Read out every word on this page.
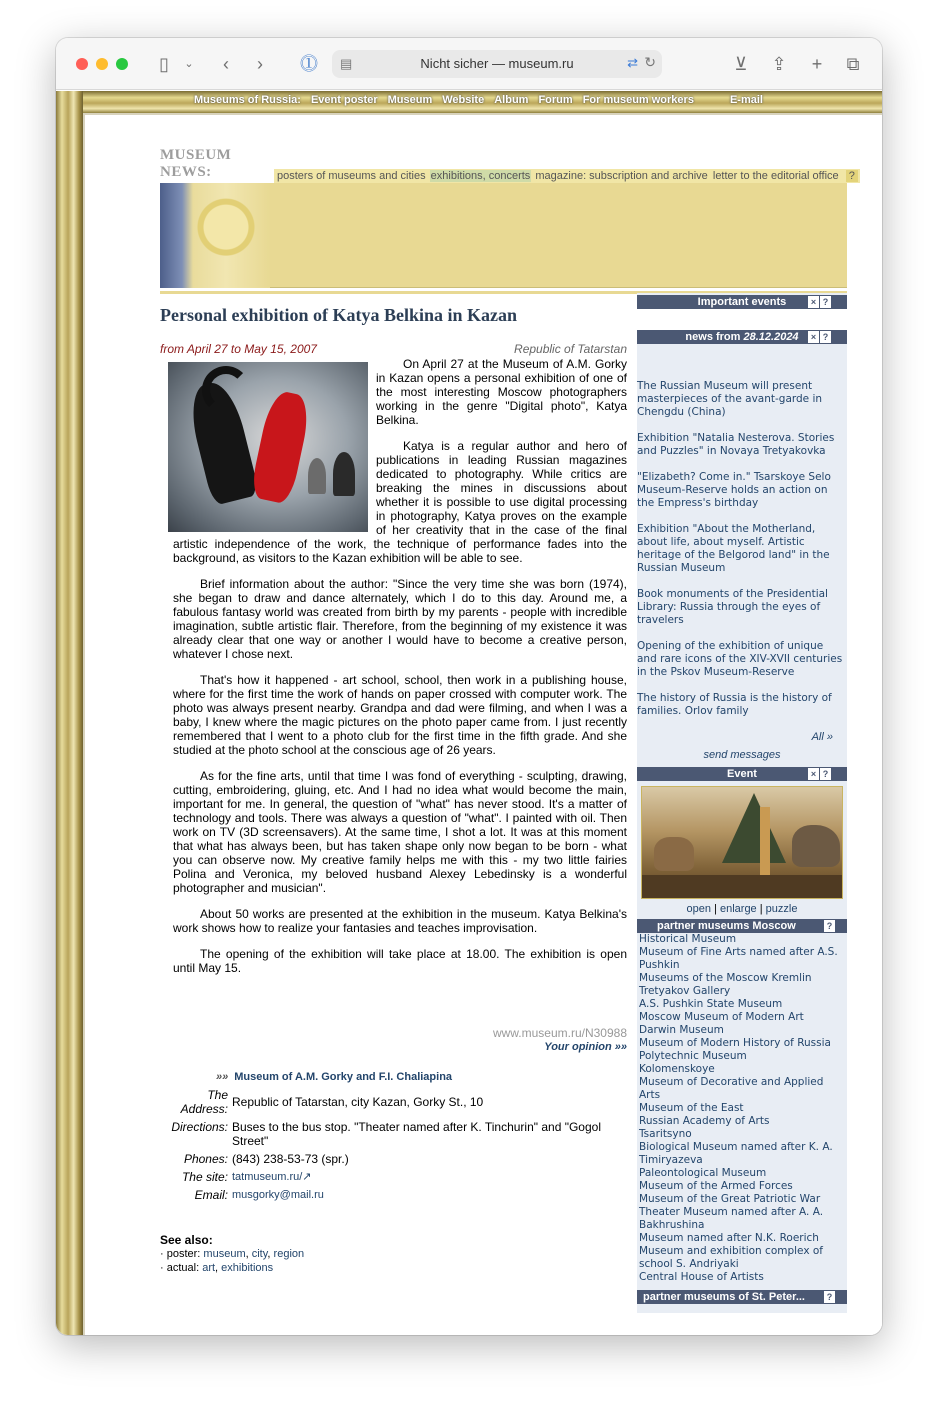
▯	⌄	‹	›	⓵ ▤	Nicht sicher — museum.ru	⇄ ↻	⊻ ⇪	+	⧉
Museums of Russia: Event poster Museum Website Album Forum For museum workers	E-mail
MUSEUM
NEWS:	posters of museums and cities exhibitions, concerts magazine: subscription and archive letter to the editorial office ?
Personal exhibition of Katya Belkina in Kazan
from April 27 to May 15, 2007	Republic of Tatarstan

On April 27 at the Museum of A.M. Gorky in Kazan opens a personal exhibition of one of the most interesting Moscow photographers working in the genre "Digital photo", Katya Belkina.

Katya is a regular author and hero of publications in leading Russian magazines dedicated to photography. While critics are breaking the mines in discussions about whether it is possible to use digital processing in photography, Katya proves on the example of her creativity that in the case of the final artistic independence of the work, the technique of performance fades into the background, as visitors to the Kazan exhibition will be able to see.

Brief information about the author: "Since the very time she was born (1974), she began to draw and dance alternately, which I do to this day. Around me, a fabulous fantasy world was created from birth by my parents - people with incredible imagination, subtle artistic flair. Therefore, from the beginning of my existence it was already clear that one way or another I would have to become a creative person, whatever I chose next.

That's how it happened - art school, school, then work in a publishing house, where for the first time the work of hands on paper crossed with computer work. The photo was always present nearby. Grandpa and dad were filming, and when I was a baby, I knew where the magic pictures on the photo paper came from. I just recently remembered that I went to a photo club for the first time in the fifth grade. And she studied at the photo school at the conscious age of 26 years.

As for the fine arts, until that time I was fond of everything - sculpting, drawing, cutting, embroidering, gluing, etc. And I had no idea what would become the main, important for me. In general, the question of "what" has never stood. It's a matter of technology and tools. There was always a question of "what". I painted with oil. Then work on TV (3D screensavers). At the same time, I shot a lot. It was at this moment that what has always been, but has taken shape only now began to be born - what you can observe now. My creative family helps me with this - my two little fairies Polina and Veronica, my beloved husband Alexey Lebedinsky is a wonderful photographer and musician".

About 50 works are presented at the exhibition in the museum. Katya Belkina's work shows how to realize your fantasies and teaches improvisation.

The opening of the exhibition will take place at 18.00. The exhibition is open until May 15.

www.museum.ru/N30988
Your opinion »»
»» Museum of A.M. Gorky and F.I. Chaliapina
The Address: Republic of Tatarstan, city Kazan, Gorky St., 10
Directions: Buses to the bus stop. "Theater named after K. Tinchurin" and "Gogol Street"
Phones: (843) 238-53-73 (spr.)
The site: tatmuseum.ru/↗
Email: musgorky@mail.ru
See also:
· poster: museum, city, region
· actual: art, exhibitions
Important events	× ?
news from 28.12.2024	× ?
The Russian Museum will present masterpieces of the avant-garde in Chengdu (China)
Exhibition "Natalia Nesterova. Stories and Puzzles" in Novaya Tretyakovka
"Elizabeth? Come in." Tsarskoye Selo Museum-Reserve holds an action on the Empress's birthday
Exhibition "About the Motherland, about life, about myself. Artistic heritage of the Belgorod land" in the Russian Museum
Book monuments of the Presidential Library: Russia through the eyes of travelers
Opening of the exhibition of unique and rare icons of the XIV-XVII centuries in the Pskov Museum-Reserve
The history of Russia is the history of families. Orlov family
All »
send messages
Event	× ?
open | enlarge | puzzle
partner museums Moscow	?
Historical Museum
Museum of Fine Arts named after A.S. Pushkin
Museums of the Moscow Kremlin
Tretyakov Gallery
A.S. Pushkin State Museum
Moscow Museum of Modern Art
Darwin Museum
Museum of Modern History of Russia
Polytechnic Museum
Kolomenskoye
Museum of Decorative and Applied Arts
Museum of the East
Russian Academy of Arts
Tsaritsyno
Biological Museum named after K. A. Timiryazeva
Paleontological Museum
Museum of the Armed Forces
Museum of the Great Patriotic War
Theater Museum named after A. A. Bakhrushina
Museum named after N.K. Roerich
Museum and exhibition complex of school S. Andriyaki
Central House of Artists
partner museums of St. Peter...	?
